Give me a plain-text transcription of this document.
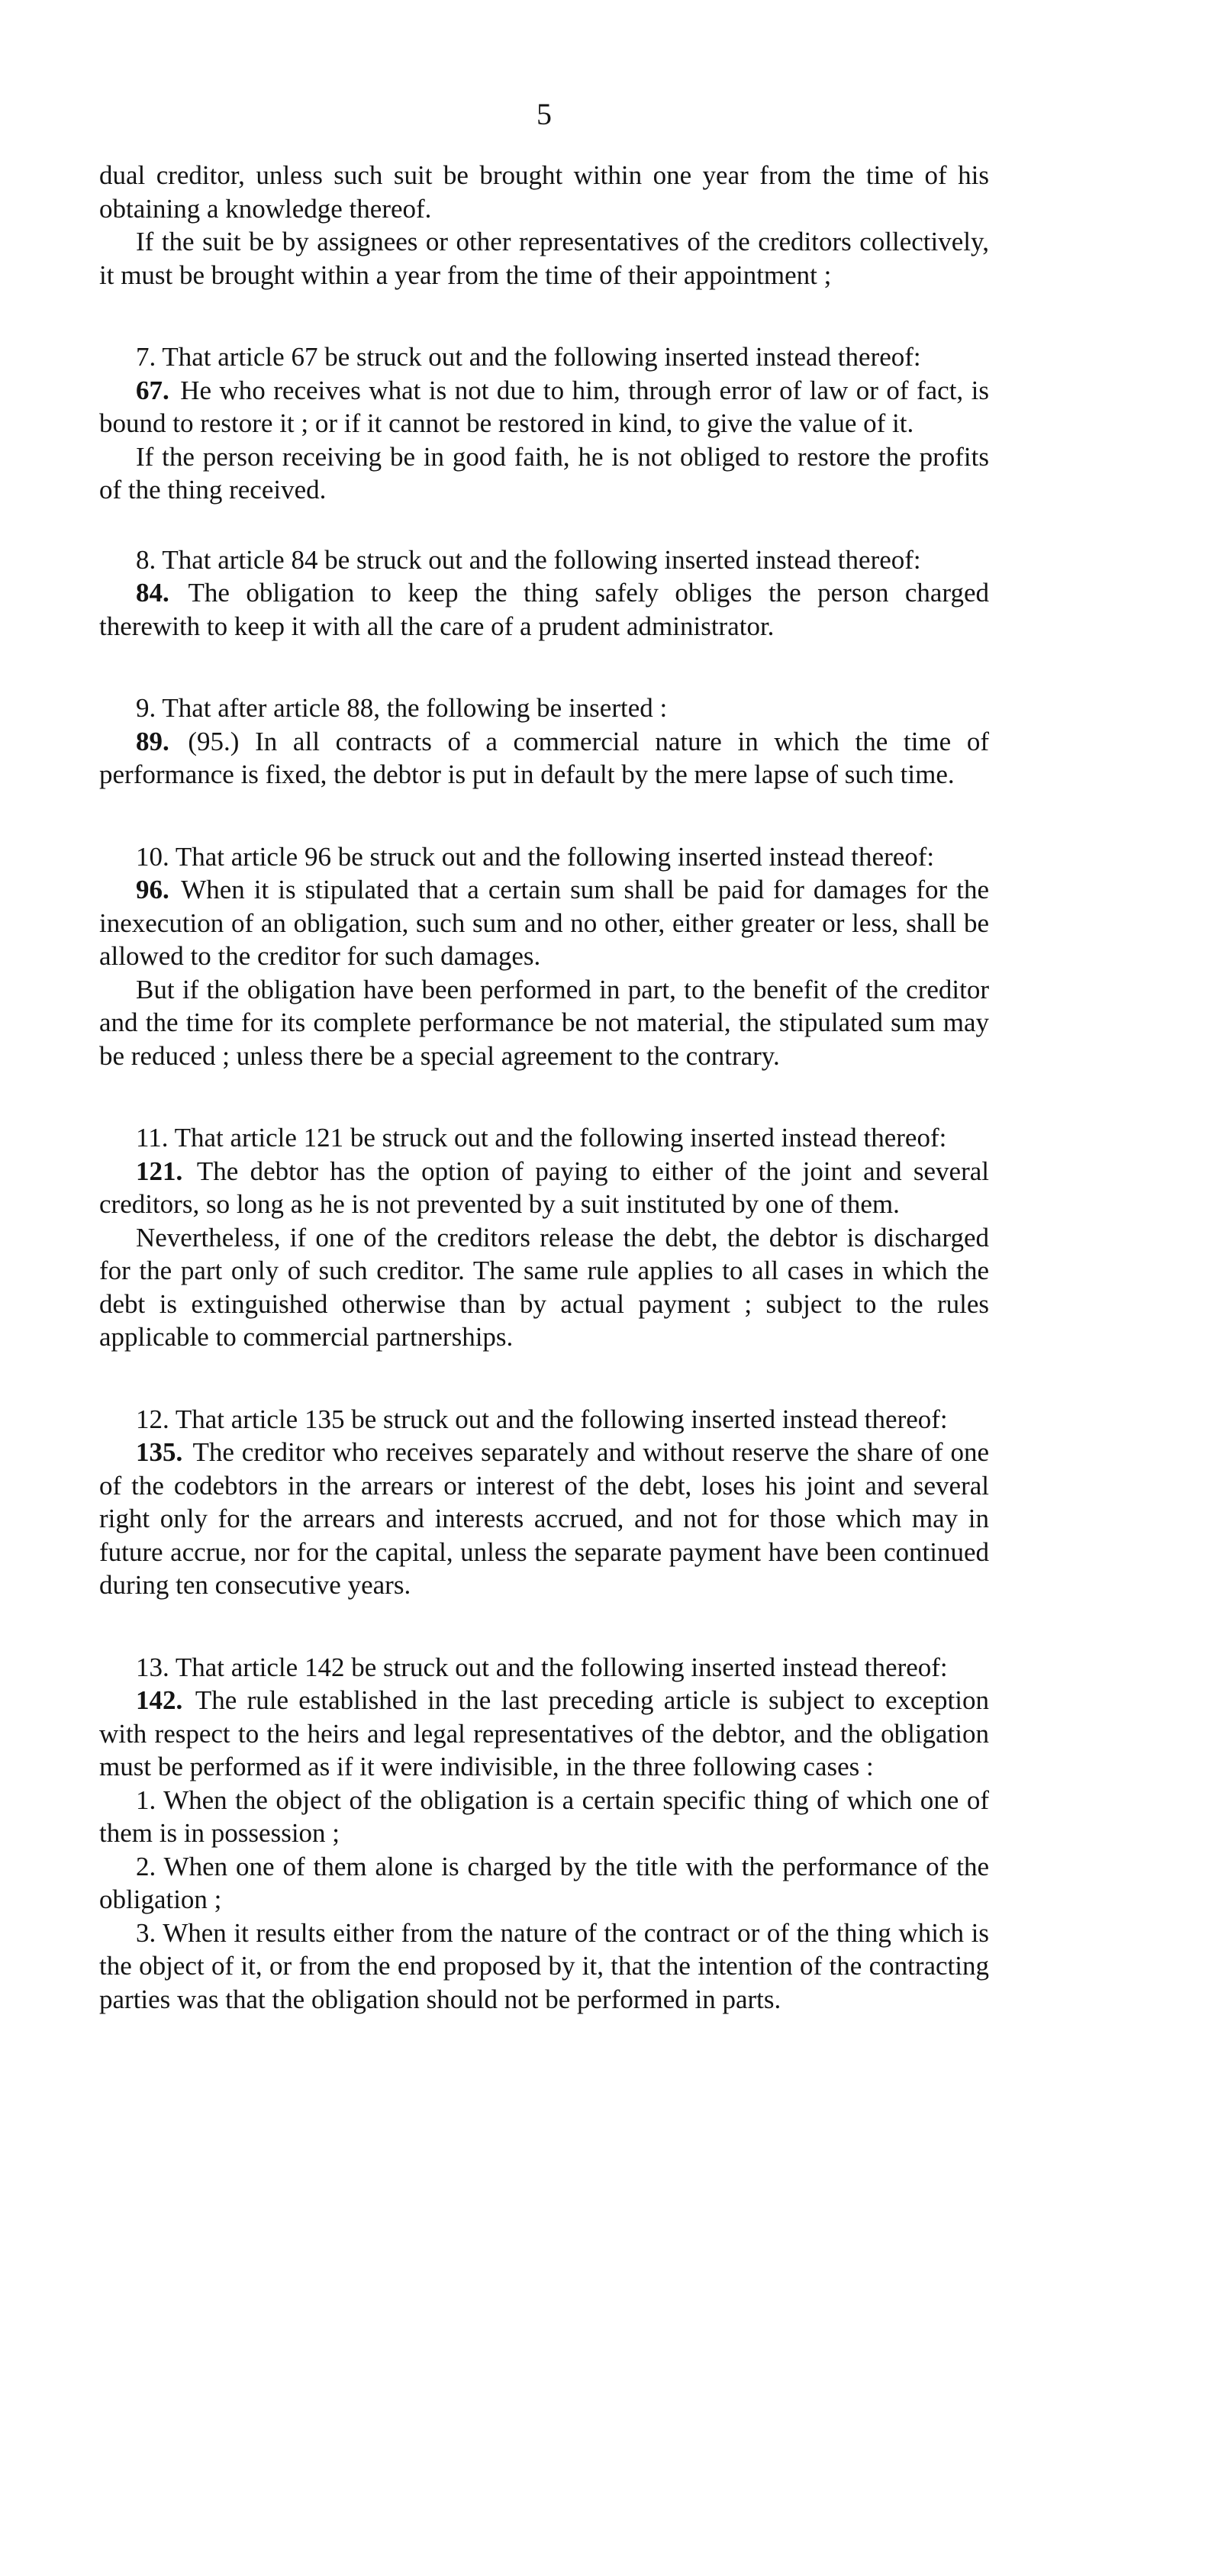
5

dual creditor, unless such suit be brought within one year from the time of his obtaining a knowledge thereof.

If the suit be by assignees or other representatives of the creditors collectively, it must be brought within a year from the time of their appointment ;

7. That article 67 be struck out and the following inserted instead thereof:

67. He who receives what is not due to him, through error of law or of fact, is bound to restore it ; or if it cannot be restored in kind, to give the value of it.

If the person receiving be in good faith, he is not obliged to restore the profits of the thing received.

8. That article 84 be struck out and the following inserted instead thereof:

84. The obligation to keep the thing safely obliges the person charged therewith to keep it with all the care of a prudent administrator.

9. That after article 88, the following be inserted :

89. (95.) In all contracts of a commercial nature in which the time of performance is fixed, the debtor is put in default by the mere lapse of such time.

10. That article 96 be struck out and the following inserted instead thereof:

96. When it is stipulated that a certain sum shall be paid for damages for the inexecution of an obligation, such sum and no other, either greater or less, shall be allowed to the creditor for such damages.

But if the obligation have been performed in part, to the benefit of the creditor and the time for its complete performance be not material, the stipulated sum may be reduced ; unless there be a special agreement to the contrary.

11. That article 121 be struck out and the following inserted instead thereof:

121. The debtor has the option of paying to either of the joint and several creditors, so long as he is not prevented by a suit instituted by one of them.

Nevertheless, if one of the creditors release the debt, the debtor is discharged for the part only of such creditor. The same rule applies to all cases in which the debt is extinguished otherwise than by actual payment ; subject to the rules applicable to commercial partnerships.

12. That article 135 be struck out and the following inserted instead thereof:

135. The creditor who receives separately and without reserve the share of one of the codebtors in the arrears or interest of the debt, loses his joint and several right only for the arrears and interests accrued, and not for those which may in future accrue, nor for the capital, unless the separate payment have been continued during ten consecutive years.

13. That article 142 be struck out and the following inserted instead thereof:

142. The rule established in the last preceding article is subject to exception with respect to the heirs and legal representatives of the debtor, and the obligation must be performed as if it were indivisible, in the three following cases :

1. When the object of the obligation is a certain specific thing of which one of them is in possession ;

2. When one of them alone is charged by the title with the performance of the obligation ;

3. When it results either from the nature of the contract or of the thing which is the object of it, or from the end proposed by it, that the intention of the contracting parties was that the obligation should not be performed in parts.
